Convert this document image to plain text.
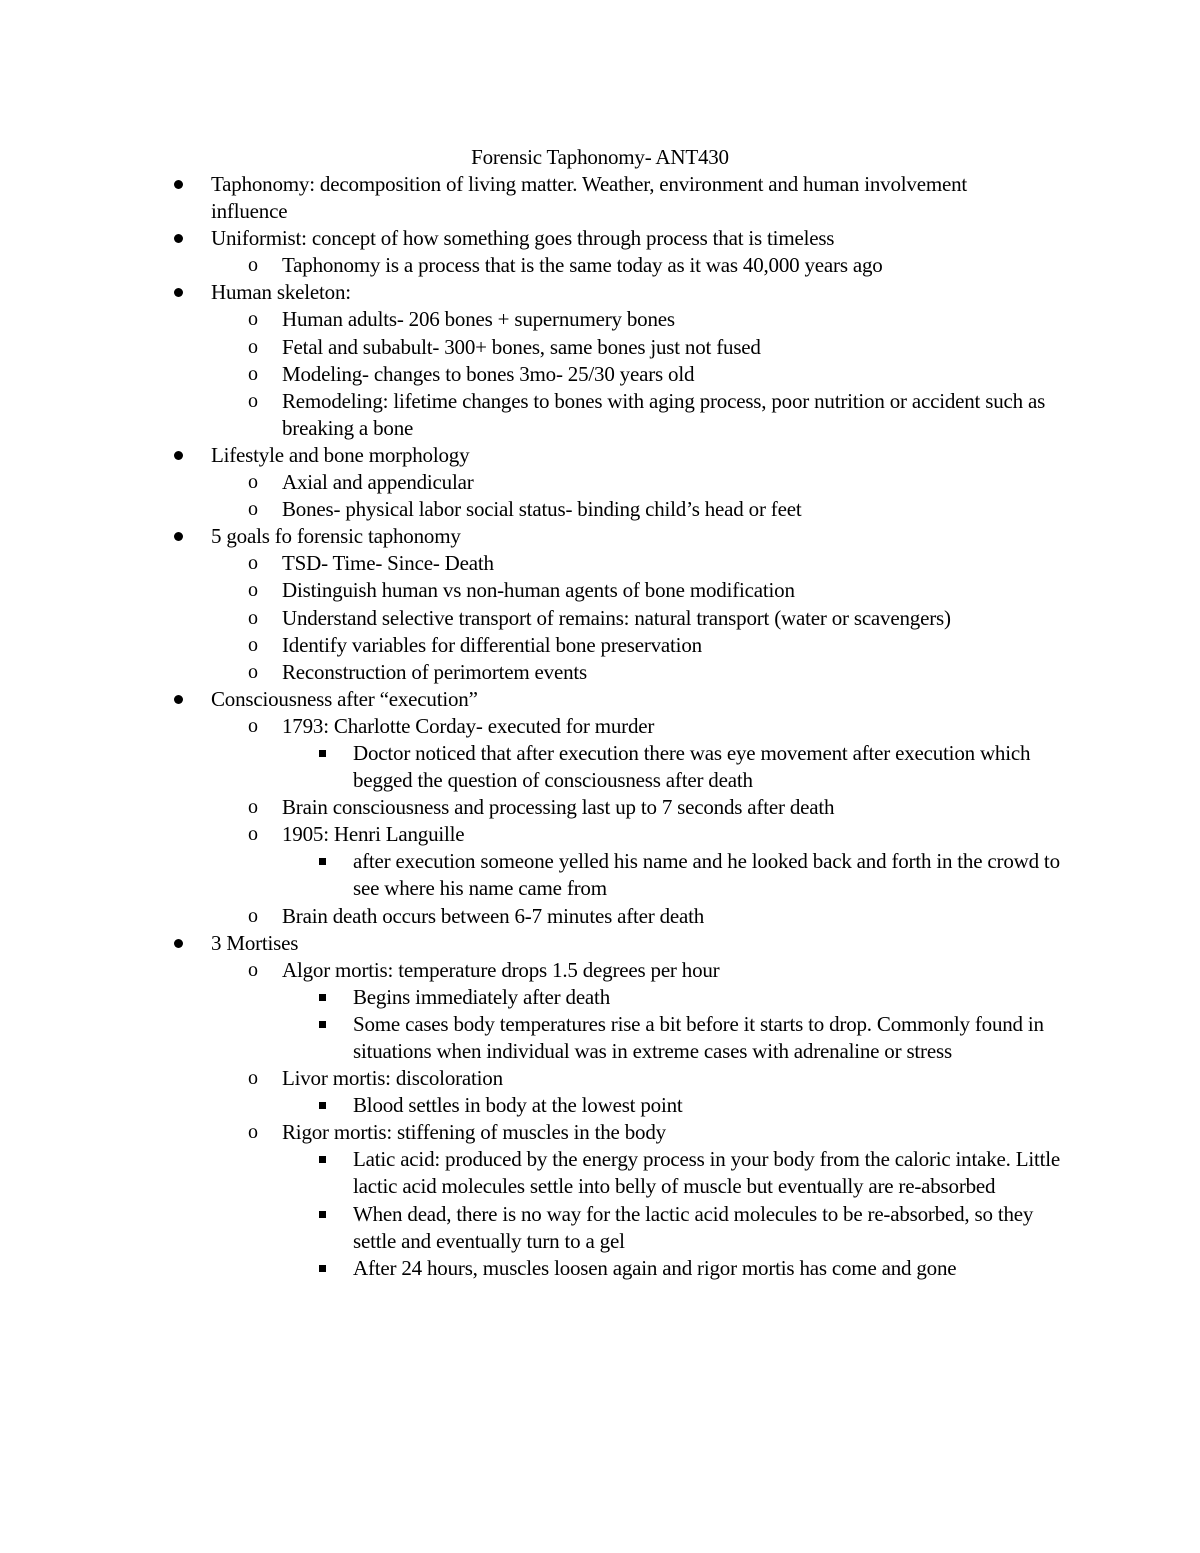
Forensic Taphonomy- ANT430
Taphonomy: decomposition of living matter. Weather, environment and human involvement influence
Uniformist: concept of how something goes through process that is timeless
o Taphonomy is a process that is the same today as it was 40,000 years ago
Human skeleton:
o Human adults- 206 bones + supernumery bones
o Fetal and subabult- 300+ bones, same bones just not fused
o Modeling- changes to bones 3mo- 25/30 years old
o Remodeling: lifetime changes to bones with aging process, poor nutrition or accident such as breaking a bone
Lifestyle and bone morphology
o Axial and appendicular
o Bones- physical labor social status- binding child’s head or feet
5 goals fo forensic taphonomy
o TSD- Time- Since- Death
o Distinguish human vs non-human agents of bone modification
o Understand selective transport of remains: natural transport (water or scavengers)
o Identify variables for differential bone preservation
o Reconstruction of perimortem events
Consciousness after “execution”
o 1793: Charlotte Corday- executed for murder
Doctor noticed that after execution there was eye movement after execution which begged the question of consciousness after death
o Brain consciousness and processing last up to 7 seconds after death
o 1905: Henri Languille
after execution someone yelled his name and he looked back and forth in the crowd to see where his name came from
o Brain death occurs between 6-7 minutes after death
3 Mortises
o Algor mortis: temperature drops 1.5 degrees per hour
Begins immediately after death
Some cases body temperatures rise a bit before it starts to drop. Commonly found in situations when individual was in extreme cases with adrenaline or stress
o Livor mortis: discoloration
Blood settles in body at the lowest point
o Rigor mortis: stiffening of muscles in the body
Latic acid: produced by the energy process in your body from the caloric intake. Little lactic acid molecules settle into belly of muscle but eventually are re-absorbed
When dead, there is no way for the lactic acid molecules to be re-absorbed, so they settle and eventually turn to a gel
After 24 hours, muscles loosen again and rigor mortis has come and gone
